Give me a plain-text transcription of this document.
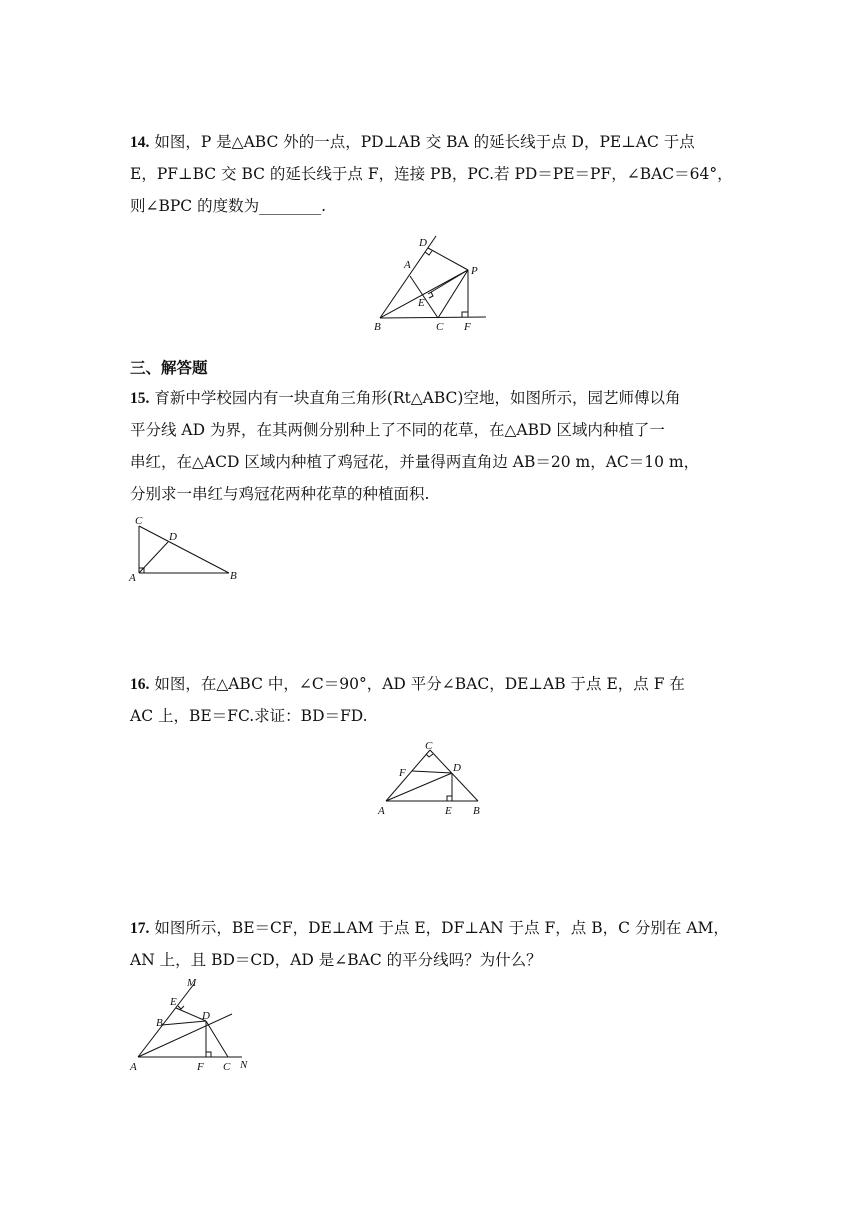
14. 如图，P 是△ABC 外的一点，PD⊥AB 交 BA 的延长线于点 D，PE⊥AC 于点
E，PF⊥BC 交 BC 的延长线于点 F，连接 PB，PC.若 PD＝PE＝PF，∠BAC＝64°，
则∠BPC 的度数为________.
D
A	P
E
B	C F
三、解答题
15. 育新中学校园内有一块直角三角形(Rt△ABC)空地，如图所示，园艺师傅以角
平分线 AD 为界，在其两侧分别种上了不同的花草，在△ABD 区域内种植了一
串红，在△ACD 区域内种植了鸡冠花，并量得两直角边 AB＝20 m，AC＝10 m，
分别求一串红与鸡冠花两种花草的种植面积.
C
D
A	B
16. 如图，在△ABC 中，∠C＝90°，AD 平分∠BAC，DE⊥AB 于点 E，点 F 在
AC 上，BE＝FC.求证：BD＝FD.
C
F	D
A	E B
17. 如图所示，BE＝CF，DE⊥AM 于点 E，DF⊥AN 于点 F，点 B，C 分别在 AM，
AN 上，且 BD＝CD，AD 是∠BAC 的平分线吗？为什么？
M
E
B
D
A	F C N
